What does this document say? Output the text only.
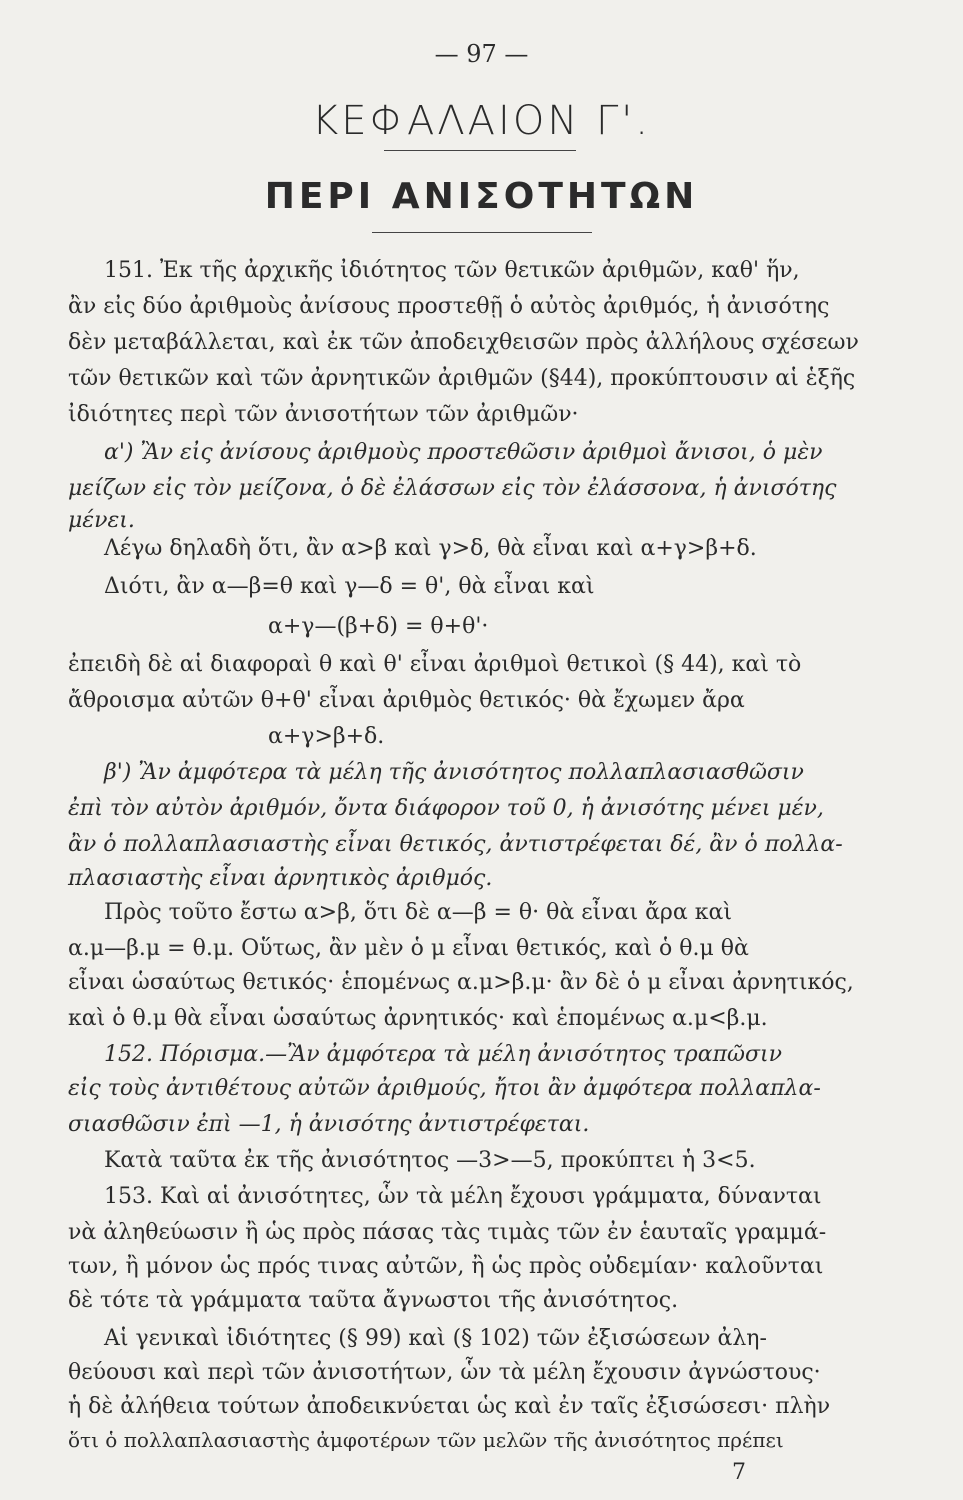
— 97 —
ΚΕΦΑΛΑΙΟΝ Γ'.
ΠΕΡΙ ΑΝΙΣΟΤΗΤΩΝ
151. Ἐκ τῆς ἀρχικῆς ἰδιότητος τῶν θετικῶν ἀριθμῶν, καθ' ἥν,
ἂν εἰς δύο ἀριθμοὺς ἀνίσους προστεθῇ ὁ αὐτὸς ἀριθμός, ἡ ἀνισότης
δὲν μεταβάλλεται, καὶ ἐκ τῶν ἀποδειχθεισῶν πρὸς ἀλλήλους σχέσεων
τῶν θετικῶν καὶ τῶν ἀρνητικῶν ἀριθμῶν (§44), προκύπτουσιν αἱ ἑξῆς
ἰδιότητες περὶ τῶν ἀνισοτήτων τῶν ἀριθμῶν·
α') Ἂν εἰς ἀνίσους ἀριθμοὺς προστεθῶσιν ἀριθμοὶ ἄνισοι, ὁ μὲν
μείζων εἰς τὸν μείζονα, ὁ δὲ ἐλάσσων εἰς τὸν ἐλάσσονα, ἡ ἀνισότης
μένει.
Λέγω δηλαδὴ ὅτι, ἂν α>β καὶ γ>δ, θὰ εἶναι καὶ α+γ>β+δ.
Διότι, ἂν α—β=θ καὶ γ—δ = θ', θὰ εἶναι καὶ
α+γ—(β+δ) = θ+θ'·
ἐπειδὴ δὲ αἱ διαφοραὶ θ καὶ θ' εἶναι ἀριθμοὶ θετικοὶ (§ 44), καὶ τὸ
ἄθροισμα αὐτῶν θ+θ' εἶναι ἀριθμὸς θετικός· θὰ ἔχωμεν ἄρα
α+γ>β+δ.
β') Ἂν ἀμφότερα τὰ μέλη τῆς ἀνισότητος πολλαπλασιασθῶσιν
ἐπὶ τὸν αὐτὸν ἀριθμόν, ὄντα διάφορον τοῦ 0, ἡ ἀνισότης μένει μέν,
ἂν ὁ πολλαπλασιαστὴς εἶναι θετικός, ἀντιστρέφεται δέ, ἂν ὁ πολλα-
πλασιαστὴς εἶναι ἀρνητικὸς ἀριθμός.
Πρὸς τοῦτο ἔστω α>β, ὅτι δὲ α—β = θ· θὰ εἶναι ἄρα καὶ
α.μ—β.μ = θ.μ. Οὕτως, ἂν μὲν ὁ μ εἶναι θετικός, καὶ ὁ θ.μ θὰ
εἶναι ὡσαύτως θετικός· ἑπομένως α.μ>β.μ· ἂν δὲ ὁ μ εἶναι ἀρνητικός,
καὶ ὁ θ.μ θὰ εἶναι ὡσαύτως ἀρνητικός· καὶ ἑπομένως α.μ<β.μ.
152. Πόρισμα.—Ἂν ἀμφότερα τὰ μέλη ἀνισότητος τραπῶσιν
εἰς τοὺς ἀντιθέτους αὐτῶν ἀριθμούς, ἤτοι ἂν ἀμφότερα πολλαπλα-
σιασθῶσιν ἐπὶ —1, ἡ ἀνισότης ἀντιστρέφεται.
Κατὰ ταῦτα ἐκ τῆς ἀνισότητος —3>—5, προκύπτει ἡ 3<5.
153. Καὶ αἱ ἀνισότητες, ὧν τὰ μέλη ἔχουσι γράμματα, δύνανται
νὰ ἀληθεύωσιν ἢ ὡς πρὸς πάσας τὰς τιμὰς τῶν ἐν ἑαυταῖς γραμμά-
των, ἢ μόνον ὡς πρός τινας αὐτῶν, ἢ ὡς πρὸς οὐδεμίαν· καλοῦνται
δὲ τότε τὰ γράμματα ταῦτα ἄγνωστοι τῆς ἀνισότητος.
Αἱ γενικαὶ ἰδιότητες (§ 99) καὶ (§ 102) τῶν ἐξισώσεων ἀλη-
θεύουσι καὶ περὶ τῶν ἀνισοτήτων, ὧν τὰ μέλη ἔχουσιν ἀγνώστους·
ἡ δὲ ἀλήθεια τούτων ἀποδεικνύεται ὡς καὶ ἐν ταῖς ἐξισώσεσι· πλὴν
ὅτι ὁ πολλαπλασιαστὴς ἀμφοτέρων τῶν μελῶν τῆς ἀνισότητος πρέπει
7
